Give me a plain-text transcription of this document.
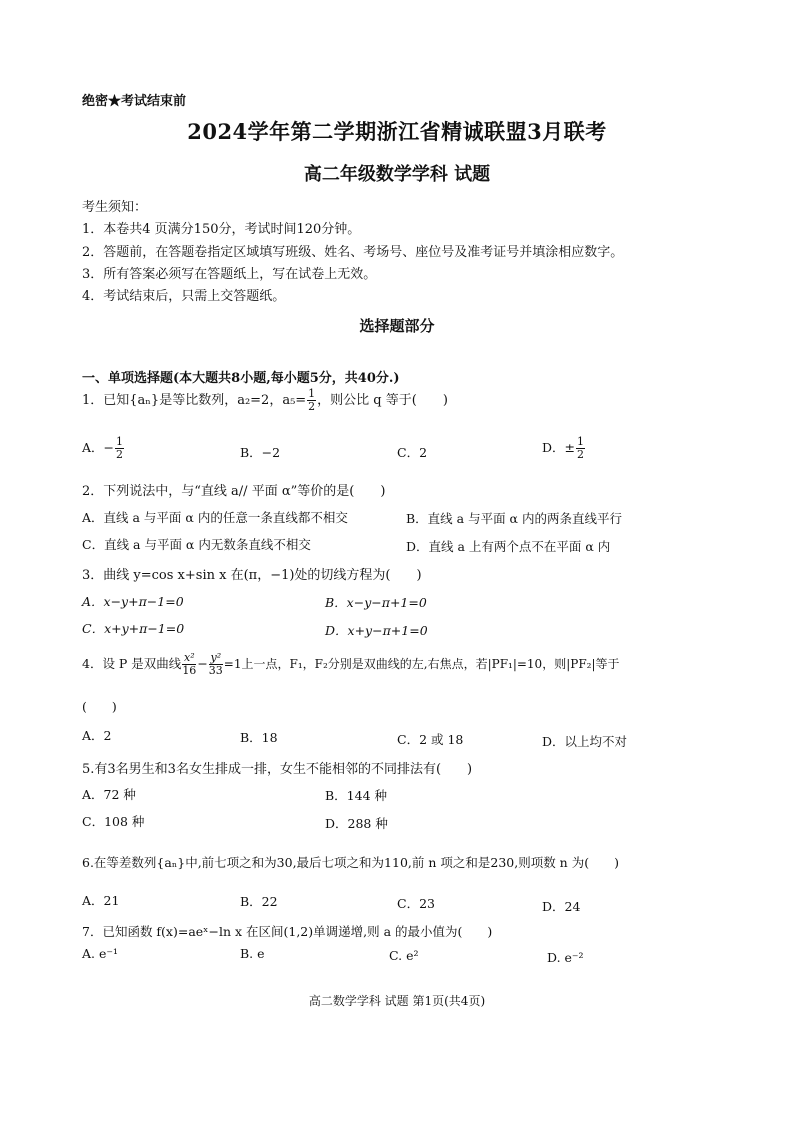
绝密★考试结束前
2024学年第二学期浙江省精诚联盟3月联考
高二年级数学学科 试题
考生须知：
1．本卷共4 页满分150分，考试时间120分钟。
2．答题前，在答题卷指定区域填写班级、姓名、考场号、座位号及准考证号并填涂相应数字。
3．所有答案必须写在答题纸上，写在试卷上无效。
4．考试结束后，只需上交答题纸。
选择题部分
一、单项选择题(本大题共8小题,每小题5分，共40分.)
1．已知{aₙ}是等比数列，a₂=2，$a_5= \frac{1}{2}$ ，则公比 q 等于(　　)
A．− $\frac{1}{2}$	B．−2	C．2	D．± $\frac{1}{2}$
2．下列说法中，与“直线 a// 平面 α”等价的是(　　)
A．直线 a 与平面 α 内的任意一条直线都不相交	B．直线 a 与平面 α 内的两条直线平行
C．直线 a 与平面 α 内无数条直线不相交	D．直线 a 上有两个点不在平面 α 内
3．曲线 y=cos x+sin x 在(π，−1)处的切线方程为(　　)
A．x−y+π−1=0	B．x−y−π+1=0
C．x+y+π−1=0	D．x+y−π+1=0
4．设 P 是双曲线 $\frac{\text{x²}}{16} - \frac{\text{y²}}{33} =1$上一点，F₁，F₂分别是双曲线的左,右焦点，若|PF₁|=10，则|PF₂|等于
(　　)
A．2	B．18	C．2 或 18	D．以上均不对
5.有3名男生和3名女生排成一排，女生不能相邻的不同排法有(　　)
A．72 种	B．144 种
C．108 种	D．288 种
6.在等差数列{aₙ}中,前七项之和为30,最后七项之和为110,前 n 项之和是230,则项数 n 为(　　)
A．21	B．22	C．23	D．24
7．已知函数 f(x)=aeˣ−ln x 在区间(1,2)单调递增,则 a 的最小值为(　　)
A. e⁻¹	B. e	C. e²	D. e⁻²
高二数学学科 试题 第1页(共4页)
